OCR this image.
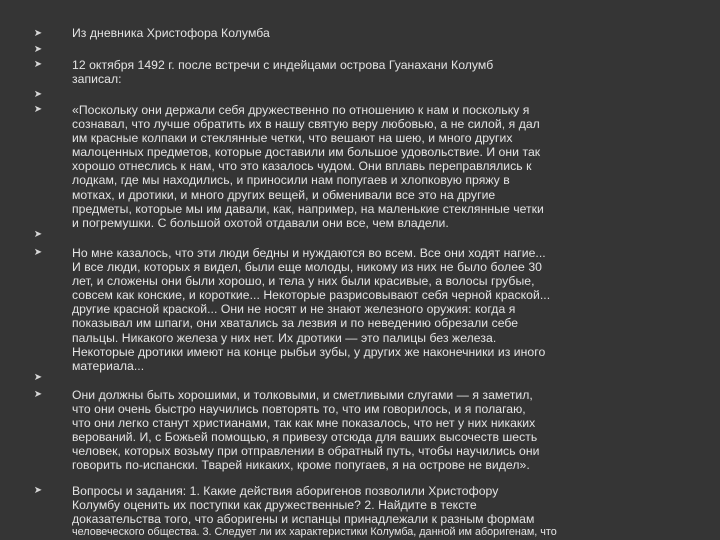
➤ Из дневника Христофора Колумба
➤
➤ 12 октября 1492 г. после встречи с индейцами острова Гуанахани Колумб
записал:
➤
➤ «Поскольку они держали себя дружественно по отношению к нам и поскольку я
сознавал, что лучше обратить их в нашу святую веру любовью, а не силой, я дал
им красные колпаки и стеклянные четки, что вешают на шею, и много других
малоценных предметов, которые доставили им большое удовольствие. И они так
хорошо отнеслись к нам, что это казалось чудом. Они вплавь переправлялись к
лодкам, где мы находились, и приносили нам попугаев и хлопковую пряжу в
мотках, и дротики, и много других вещей, и обменивали все это на другие
предметы, которые мы им давали, как, например, на маленькие стеклянные четки
и погремушки. С большой охотой отдавали они все, чем владели.
➤
➤ Но мне казалось, что эти люди бедны и нуждаются во всем. Все они ходят нагие...
И все люди, которых я видел, были еще молоды, никому из них не было более 30
лет, и сложены они были хорошо, и тела у них были красивые, а волосы грубые,
совсем как конские, и короткие... Некоторые разрисовывают себя черной краской...
другие красной краской... Они не носят и не знают железного оружия: когда я
показывал им шпаги, они хватались за лезвия и по неведению обрезали себе
пальцы. Никакого железа у них нет. Их дротики — это палицы без железа.
Некоторые дротики имеют на конце рыбьи зубы, у других же наконечники из иного
материала...
➤
➤ Они должны быть хорошими, и толковыми, и сметливыми слугами — я заметил,
что они очень быстро научились повторять то, что им говорилось, и я полагаю,
что они легко станут христианами, так как мне показалось, что нет у них никаких
верований. И, с Божьей помощью, я привезу отсюда для ваших высочеств шесть
человек, которых возьму при отправлении в обратный путь, чтобы научились они
говорить по-испански. Тварей никаких, кроме попугаев, я на острове не видел».
➤ Вопросы и задания: 1. Какие действия аборигенов позволили Христофору
Колумбу оценить их поступки как дружественные? 2. Найдите в тексте
доказательства того, что аборигены и испанцы принадлежали к разным формам
человеческого общества. 3. Следует ли их характеристики Колумба, данной им аборигенам, что
